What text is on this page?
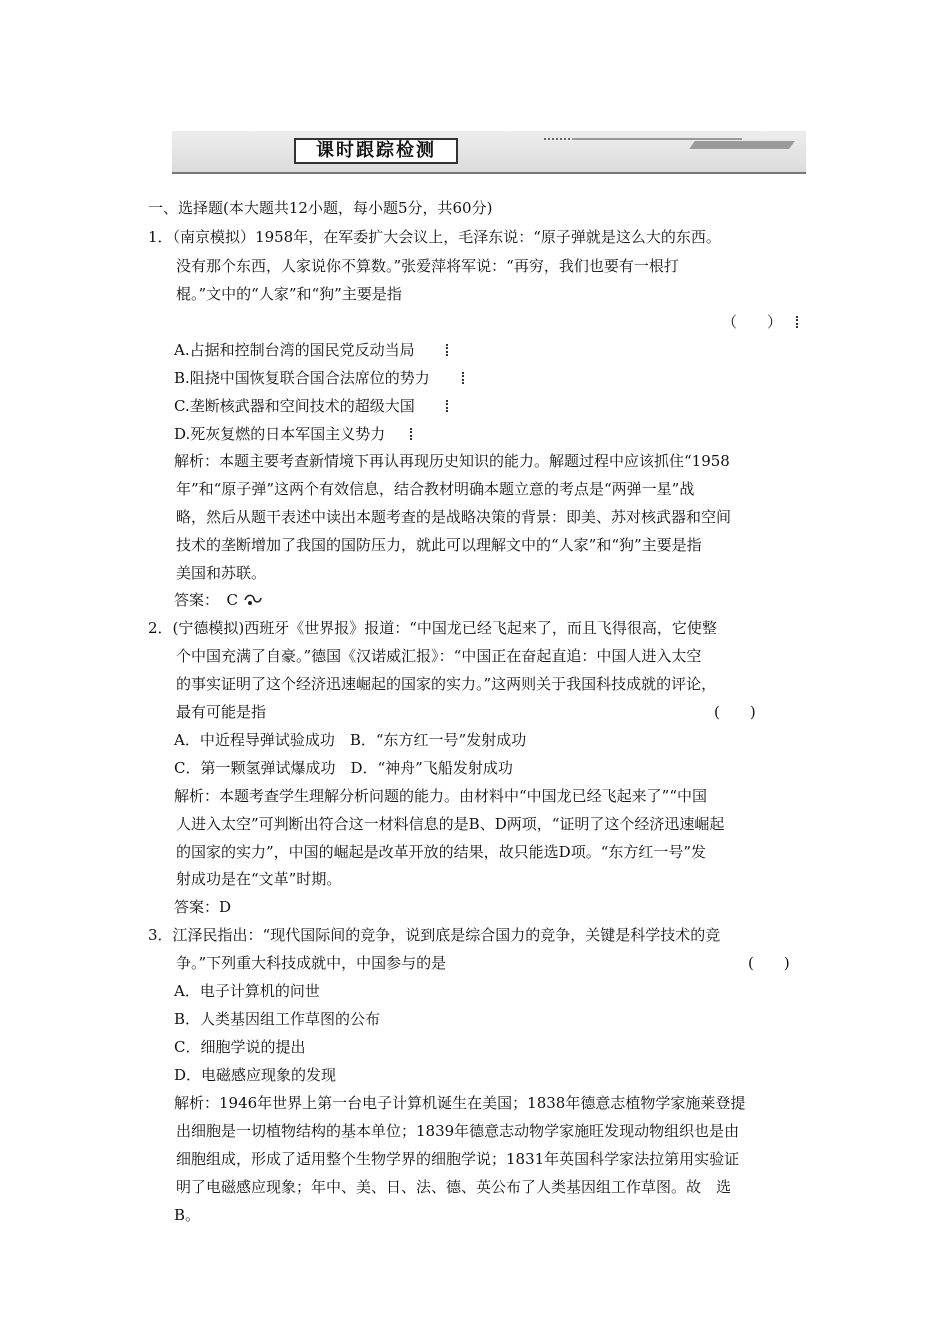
课时跟踪检测
一、选择题(本大题共12小题，每小题5分，共60分)
1．（南京模拟）1958年，在军委扩大会议上，毛泽东说：“原子弹就是这么大的东西。
没有那个东西，人家说你不算数。”张爱萍将军说：“再穷，我们也要有一根打
棍。”文中的“人家”和“狗”主要是指
（　　）
A.占据和控制台湾的国民党反动当局
B.阻挠中国恢复联合国合法席位的势力
C.垄断核武器和空间技术的超级大国
D.死灰复燃的日本军国主义势力
解析：本题主要考查新情境下再认再现历史知识的能力。解题过程中应该抓住“1958
年”和“原子弹”这两个有效信息，结合教材明确本题立意的考点是“两弹一星”战
略，然后从题干表述中读出本题考查的是战略决策的背景：即美、苏对核武器和空间
技术的垄断增加了我国的国防压力，就此可以理解文中的“人家”和“狗”主要是指
美国和苏联。
答案：　C
2．(宁德模拟)西班牙《世界报》报道：“中国龙已经飞起来了，而且飞得很高，它使整
个中国充满了自豪。”德国《汉诺威汇报》：“中国正在奋起直追：中国人进入太空
的事实证明了这个经济迅速崛起的国家的实力。”这两则关于我国科技成就的评论，
最有可能是指	(　　)
A．中近程导弹试验成功　B．“东方红一号”发射成功
C．第一颗氢弹试爆成功　D．“神舟”飞船发射成功
解析：本题考查学生理解分析问题的能力。由材料中“中国龙已经飞起来了”“中国
人进入太空”可判断出符合这一材料信息的是B、D两项，“证明了这个经济迅速崛起
的国家的实力”，中国的崛起是改革开放的结果，故只能选D项。“东方红一号”发
射成功是在“文革”时期。
答案：D
3．江泽民指出：“现代国际间的竞争，说到底是综合国力的竞争，关键是科学技术的竞
争。”下列重大科技成就中，中国参与的是	(　　)
A．电子计算机的问世
B．人类基因组工作草图的公布
C．细胞学说的提出
D．电磁感应现象的发现
解析：1946年世界上第一台电子计算机诞生在美国；1838年德意志植物学家施莱登提
出细胞是一切植物结构的基本单位；1839年德意志动物学家施旺发现动物组织也是由
细胞组成，形成了适用整个生物学界的细胞学说；1831年英国科学家法拉第用实验证
明了电磁感应现象；年中、美、日、法、德、英公布了人类基因组工作草图。故　选
B。
